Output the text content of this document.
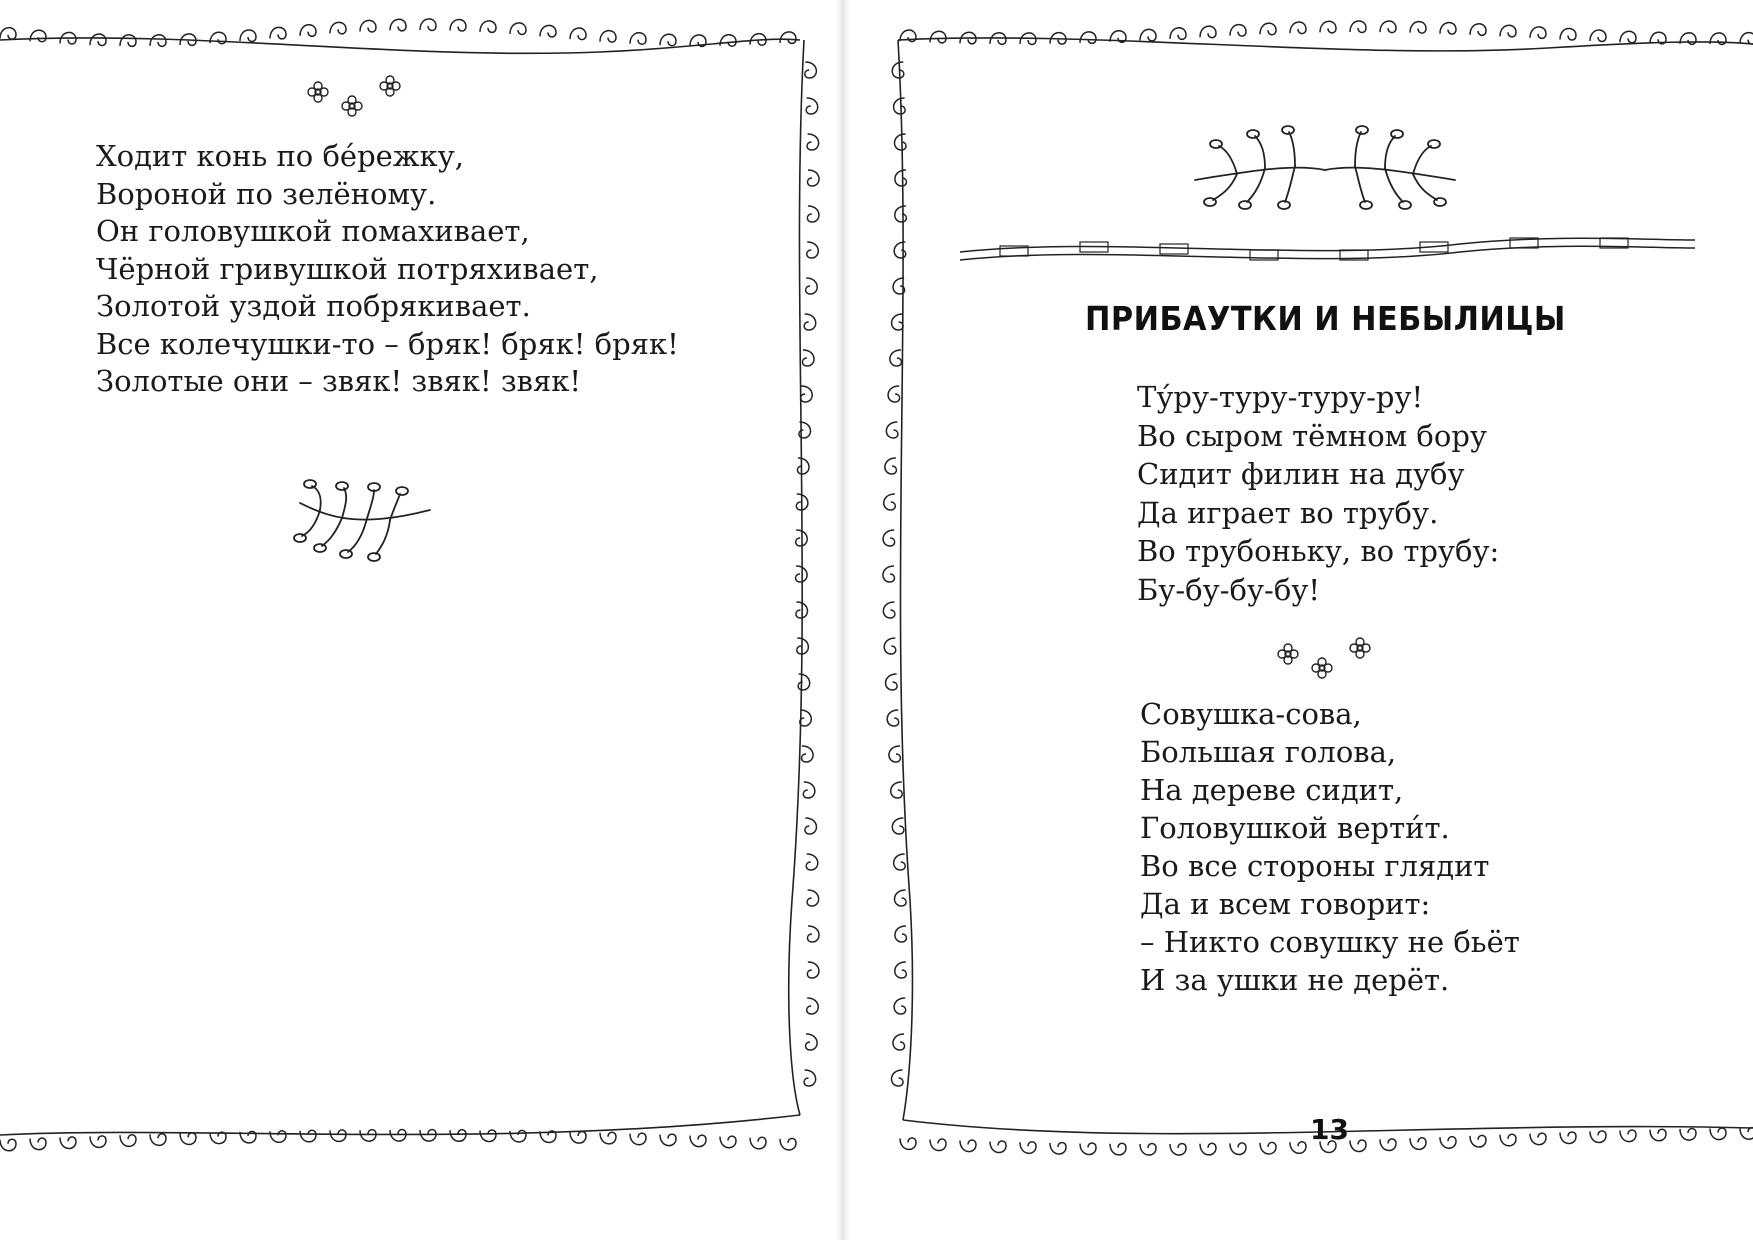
Ходит конь по бе́режку,
Вороной по зелёному.
Он головушкой помахивает,
Чёрной гривушкой потряхивает,
Золотой уздой побрякивает.
Все колечушки-то – бряк! бряк! бряк!
Золотые они – звяк! звяк! звяк!
ПРИБАУТКИ И НЕБЫЛИЦЫ
Ту́ру-туру-туру-ру!
Во сыром тёмном бору
Сидит филин на дубу
Да играет во трубу.
Во трубоньку, во трубу:
Бу-бу-бу-бу!
Совушка-сова,
Большая голова,
На дереве сидит,
Головушкой верти́т.
Во все стороны глядит
Да и всем говорит:
– Никто совушку не бьёт
И за ушки не дерёт.
13
